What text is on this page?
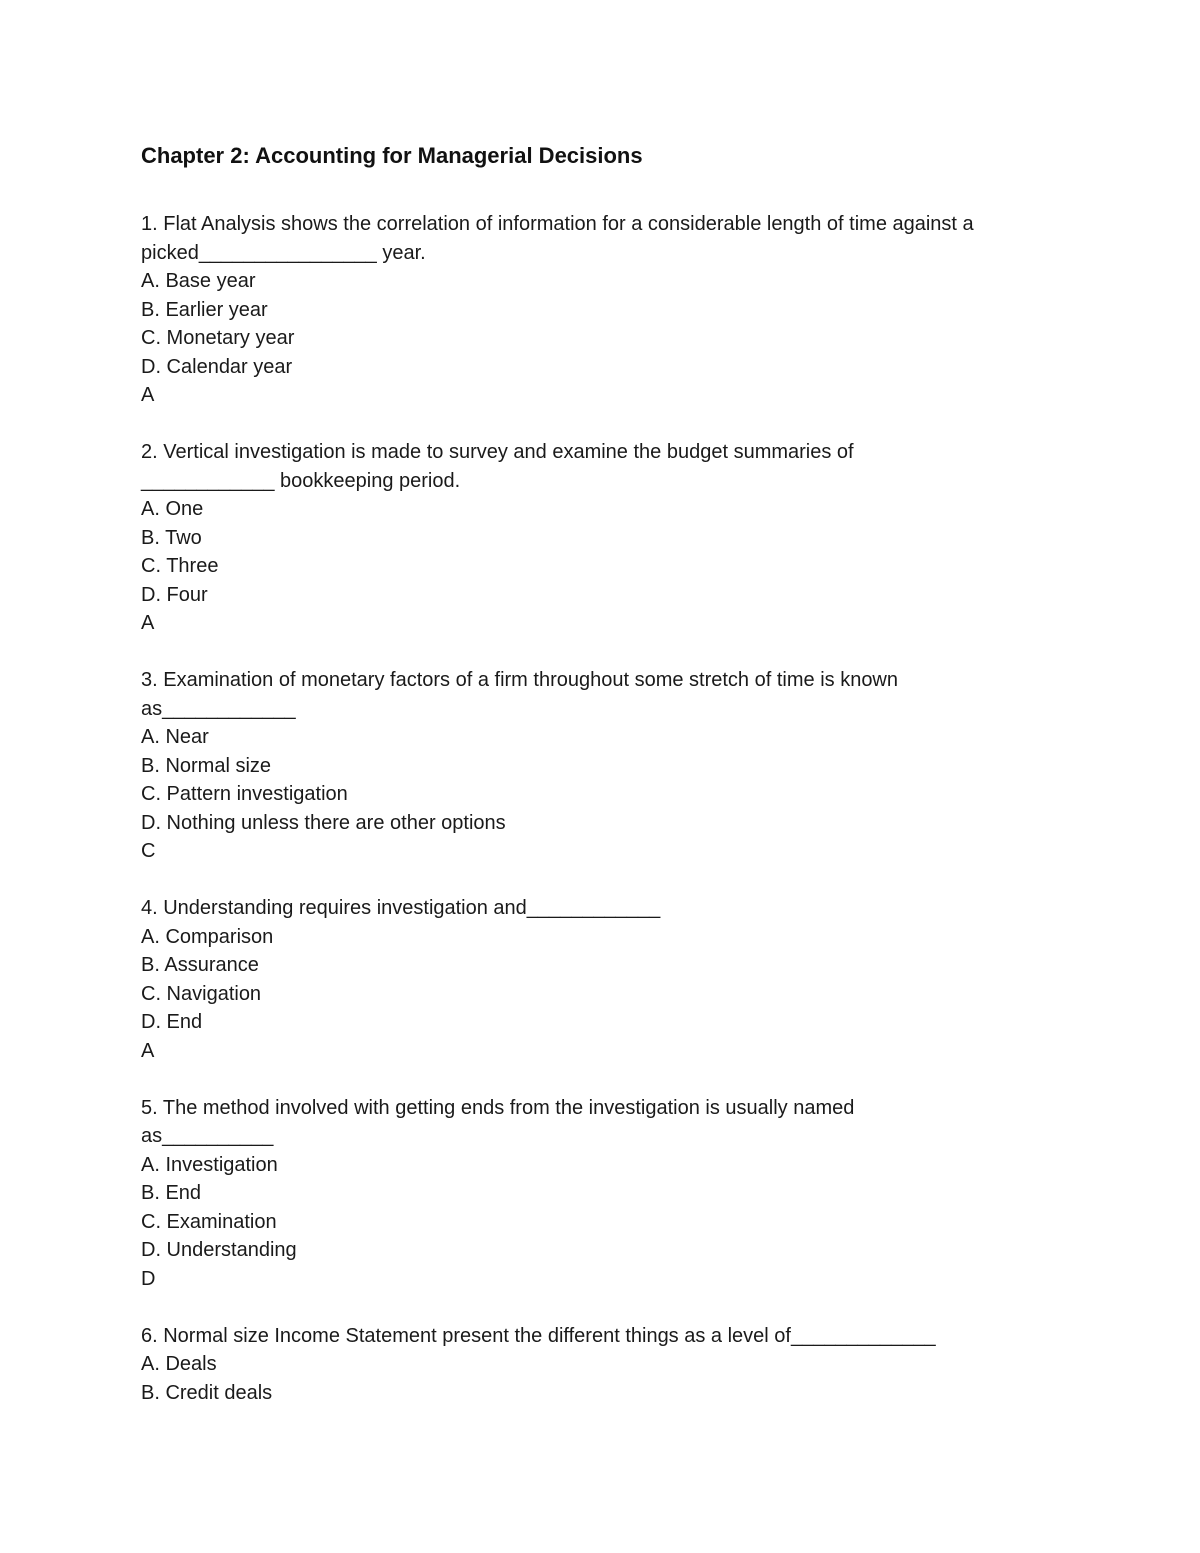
Chapter 2: Accounting for Managerial Decisions
1. Flat Analysis shows the correlation of information for a considerable length of time against a
picked________________ year.
A. Base year
B. Earlier year
C. Monetary year
D. Calendar year
A
2. Vertical investigation is made to survey and examine the budget summaries of
____________ bookkeeping period.
A. One
B. Two
C. Three
D. Four
A
3. Examination of monetary factors of a firm throughout some stretch of time is known
as____________
A. Near
B. Normal size
C. Pattern investigation
D. Nothing unless there are other options
C
4. Understanding requires investigation and____________
A. Comparison
B. Assurance
C. Navigation
D. End
A
5. The method involved with getting ends from the investigation is usually named
as__________
A. Investigation
B. End
C. Examination
D. Understanding
D
6. Normal size Income Statement present the different things as a level of_____________
A. Deals
B. Credit deals
